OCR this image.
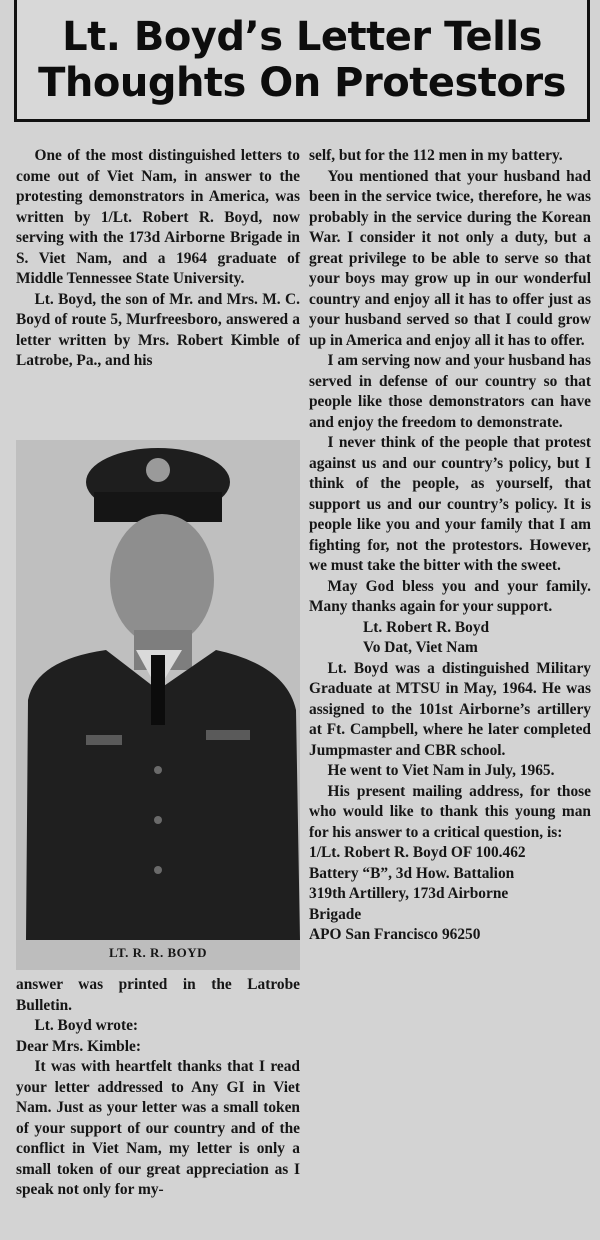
Lt. Boyd’s Letter Tells
Thoughts On Protestors

One of the most distinguished letters to come out of Viet Nam, in answer to the protesting demonstrators in America, was written by 1/Lt. Robert R. Boyd, now serving with the 173d Airborne Brigade in S. Viet Nam, and a 1964 graduate of Middle Tennessee State University.

Lt. Boyd, the son of Mr. and Mrs. M. C. Boyd of route 5, Murfreesboro, answered a letter written by Mrs. Robert Kimble of Latrobe, Pa., and his

LT. R. R. BOYD

answer was printed in the Latrobe Bulletin.

Lt. Boyd wrote:

Dear Mrs. Kimble:

It was with heartfelt thanks that I read your letter addressed to Any GI in Viet Nam. Just as your letter was a small token of your support of our country and of the conflict in Viet Nam, my letter is only a small token of our great appreciation as I speak not only for my-

self, but for the 112 men in my battery.

You mentioned that your husband had been in the service twice, therefore, he was probably in the service during the Korean War. I consider it not only a duty, but a great privilege to be able to serve so that your boys may grow up in our wonderful country and enjoy all it has to offer just as your husband served so that I could grow up in America and enjoy all it has to offer.

I am serving now and your husband has served in defense of our country so that people like those demonstrators can have and enjoy the freedom to demonstrate.

I never think of the people that protest against us and our country’s policy, but I think of the people, as yourself, that support us and our country’s policy. It is people like you and your family that I am fighting for, not the protestors. However, we must take the bitter with the sweet.

May God bless you and your family. Many thanks again for your support.

Lt. Robert R. Boyd

Vo Dat, Viet Nam

Lt. Boyd was a distinguished Military Graduate at MTSU in May, 1964. He was assigned to the 101st Airborne’s artillery at Ft. Campbell, where he later completed Jumpmaster and CBR school.

He went to Viet Nam in July, 1965.

His present mailing address, for those who would like to thank this young man for his answer to a critical question, is:

1/Lt. Robert R. Boyd OF 100.462

Battery “B”, 3d How. Battalion

319th Artillery, 173d Airborne

Brigade

APO San Francisco 96250
